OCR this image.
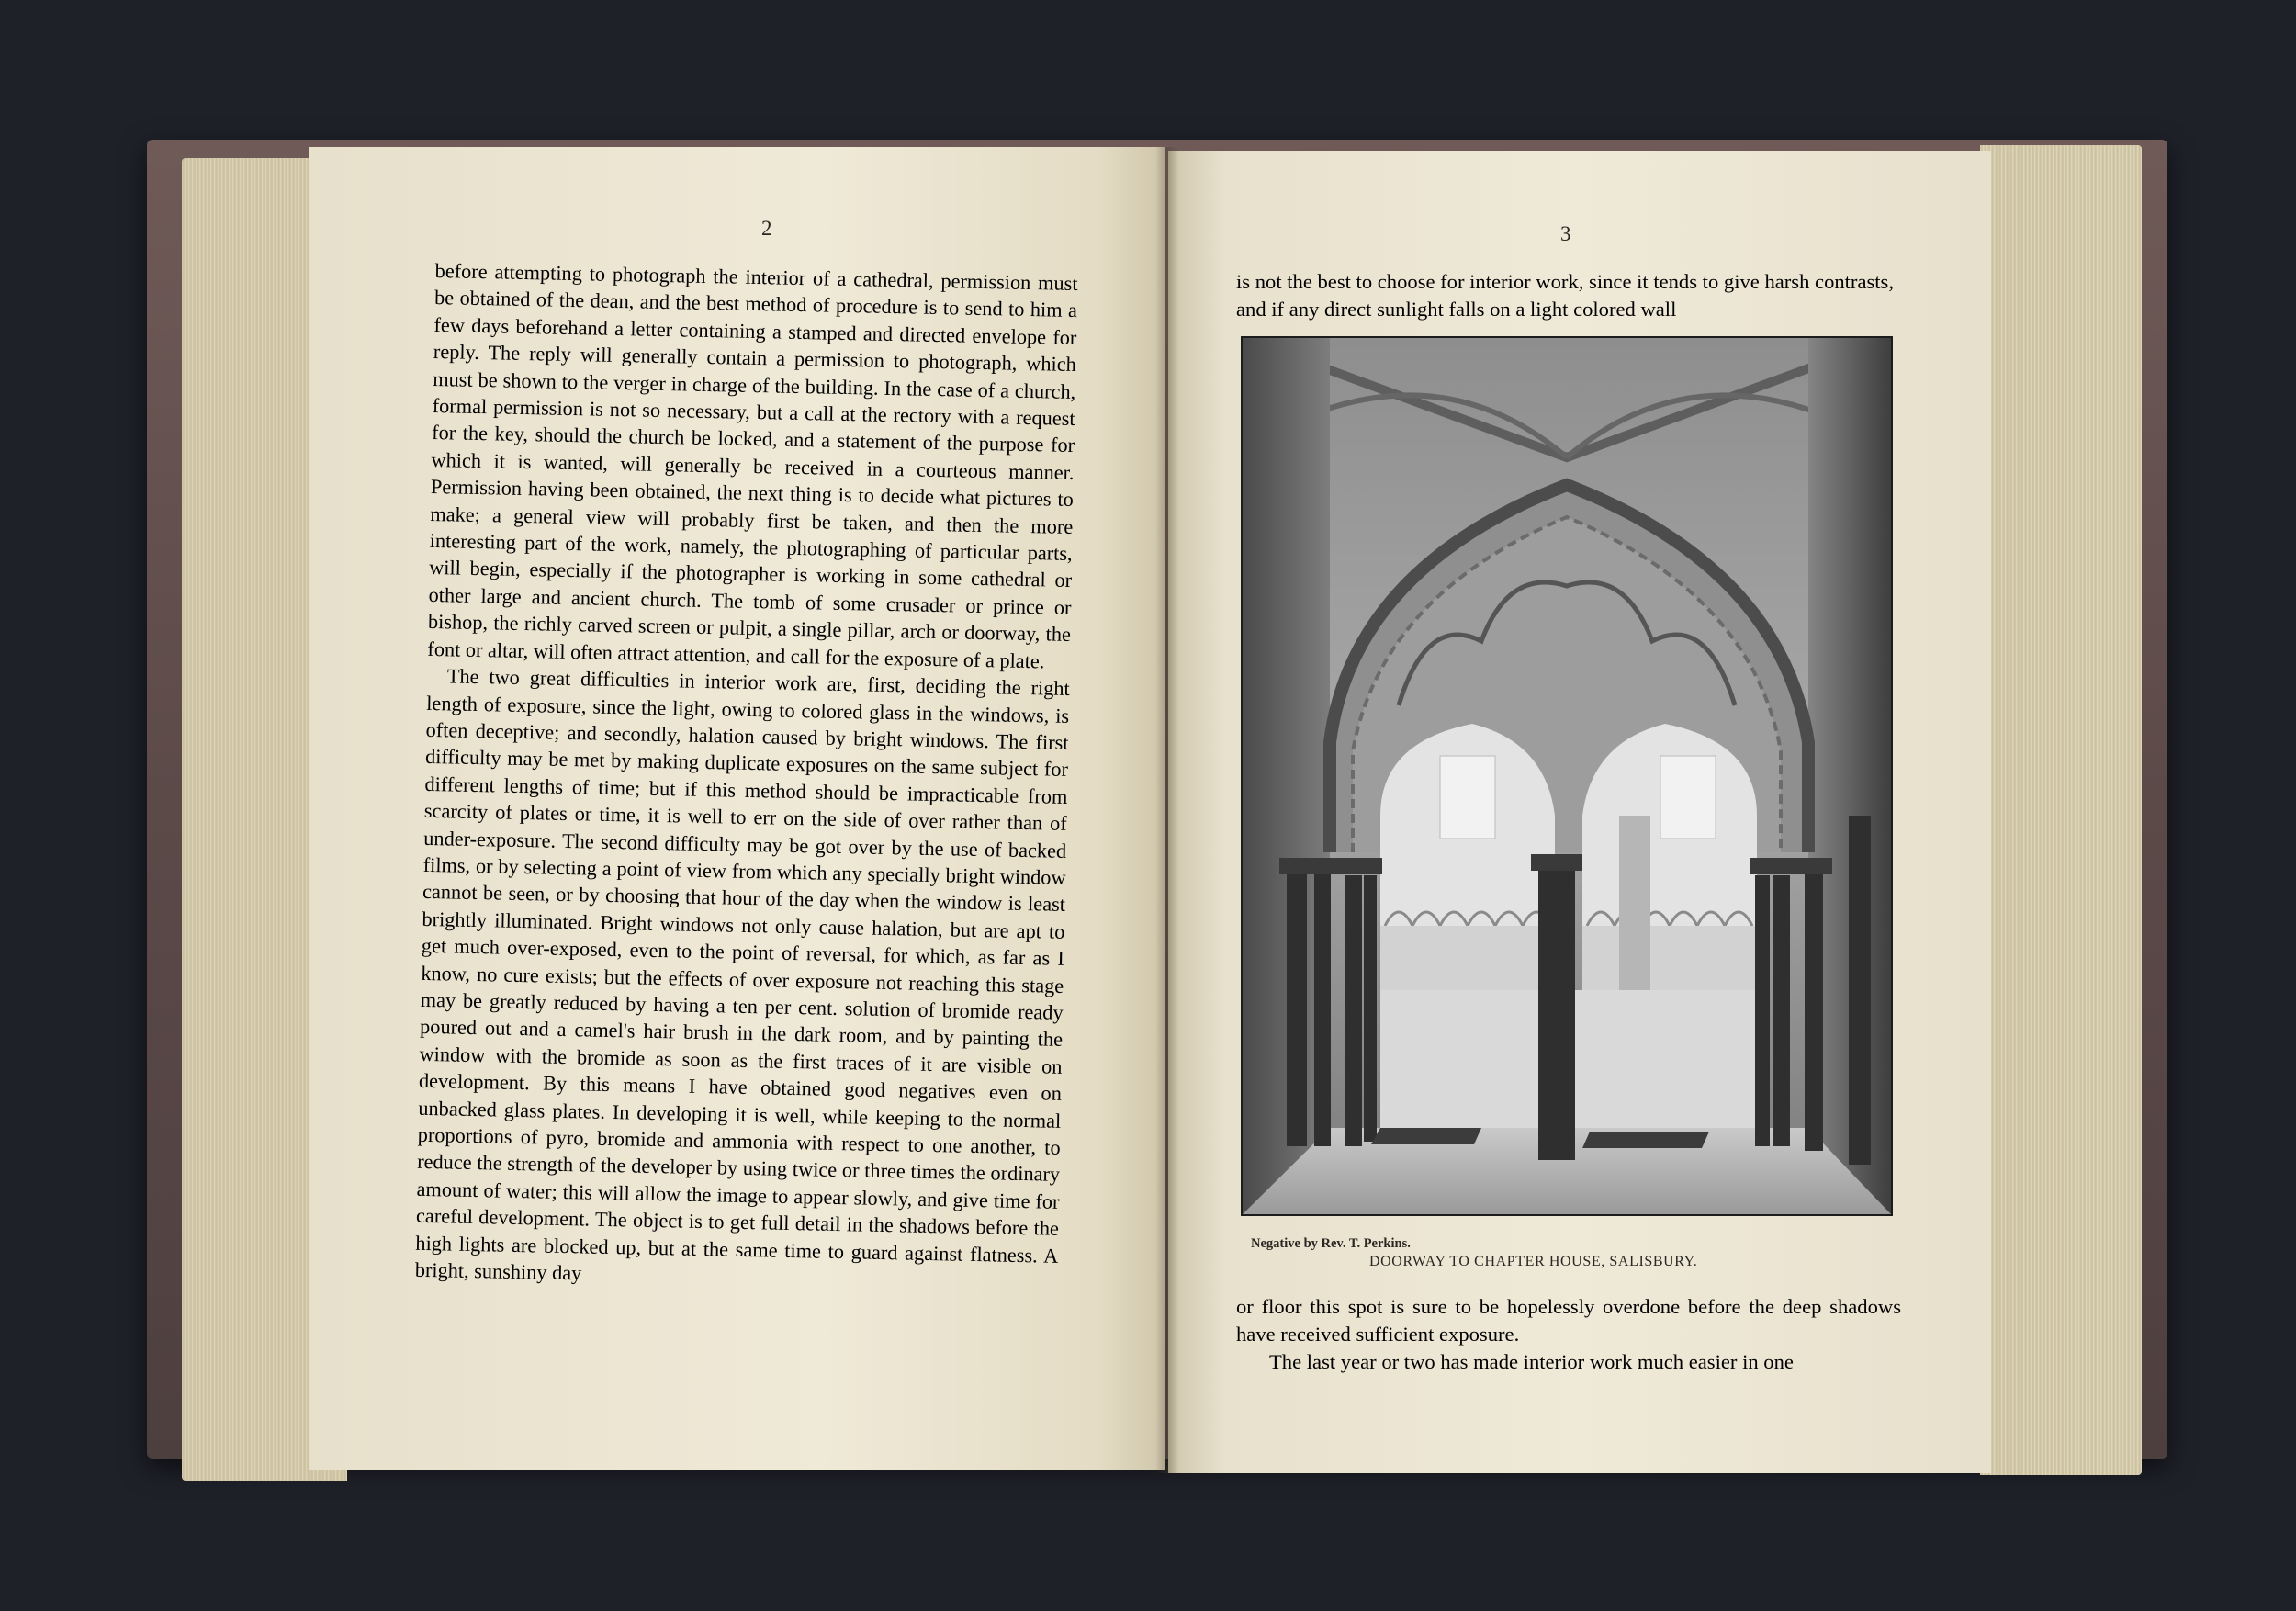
2	3

before attempting to photograph the interior of a cathedral, permission must be obtained of the dean, and the best method of procedure is to send to him a few days beforehand a letter containing a stamped and directed envelope for reply. The reply will generally contain a permission to photograph, which must be shown to the verger in charge of the building. In the case of a church, formal permission is not so necessary, but a call at the rectory with a request for the key, should the church be locked, and a statement of the purpose for which it is wanted, will generally be received in a courteous manner. Permission having been obtained, the next thing is to decide what pictures to make; a general view will probably first be taken, and then the more interesting part of the work, namely, the photographing of particular parts, will begin, especially if the photographer is working in some cathedral or other large and ancient church. The tomb of some crusader or prince or bishop, the richly carved screen or pulpit, a single pillar, arch or doorway, the font or altar, will often attract attention, and call for the exposure of a plate.

The two great difficulties in interior work are, first, deciding the right length of exposure, since the light, owing to colored glass in the windows, is often deceptive; and secondly, halation caused by bright windows. The first difficulty may be met by making duplicate exposures on the same subject for different lengths of time; but if this method should be impracticable from scarcity of plates or time, it is well to err on the side of over rather than of under-exposure. The second difficulty may be got over by the use of backed films, or by selecting a point of view from which any specially bright window cannot be seen, or by choosing that hour of the day when the window is least brightly illuminated. Bright windows not only cause halation, but are apt to get much over-exposed, even to the point of reversal, for which, as far as I know, no cure exists; but the effects of over exposure not reaching this stage may be greatly reduced by having a ten per cent. solution of bromide ready poured out and a camel's hair brush in the dark room, and by painting the window with the bromide as soon as the first traces of it are visible on development. By this means I have obtained good negatives even on unbacked glass plates. In developing it is well, while keeping to the normal proportions of pyro, bromide and ammonia with respect to one another, to reduce the strength of the developer by using twice or three times the ordinary amount of water; this will allow the image to appear slowly, and give time for careful development. The object is to get full detail in the shadows before the high lights are blocked up, but at the same time to guard against flatness. A bright, sunshiny day

is not the best to choose for interior work, since it tends to give harsh contrasts, and if any direct sunlight falls on a light colored wall
Negative by Rev. T. Perkins.
DOORWAY TO CHAPTER HOUSE, SALISBURY.

or floor this spot is sure to be hopelessly overdone before the deep shadows have received sufficient exposure.

The last year or two has made interior work much easier in one
